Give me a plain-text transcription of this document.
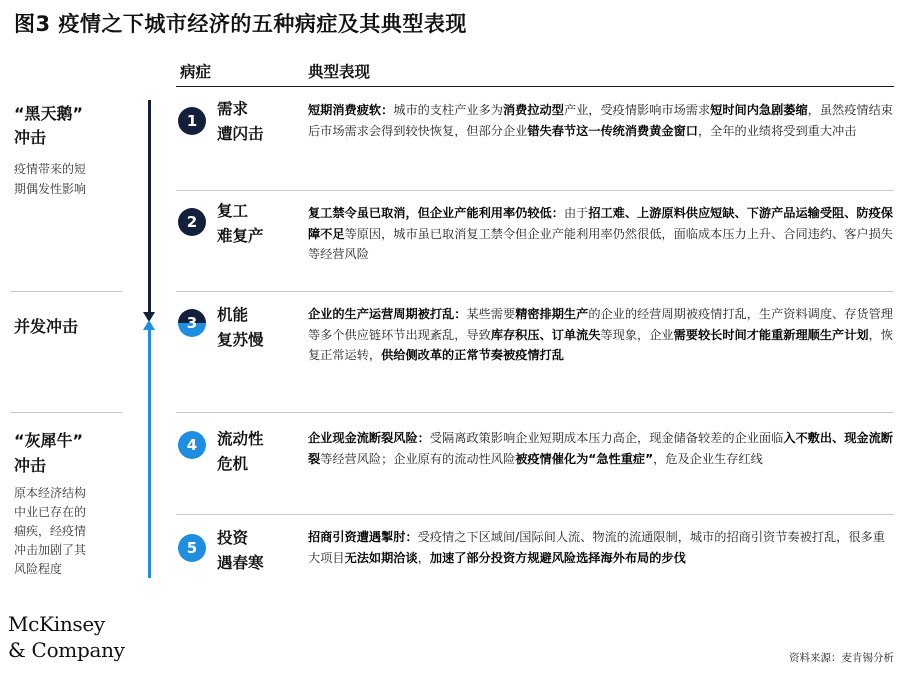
图3 疫情之下城市经济的五种病症及其典型表现
病症	典型表现
“黑天鹅”
冲击
疫情带来的短
期偶发性影响
并发冲击
“灰犀牛”
冲击
原本经济结构
中业已存在的
痼疾，经疫情
冲击加剧了其
风险程度
1
需求
遭闪击
短期消费疲软：城市的支柱产业多为消费拉动型产业，受疫情影响市场需求短时间内急剧萎缩，虽然疫情结束后市场需求会得到较快恢复，但部分企业错失春节这一传统消费黄金窗口，全年的业绩将受到重大冲击
2
复工
难复产
复工禁令虽已取消，但企业产能利用率仍较低：由于招工难、上游原料供应短缺、下游产品运输受阻、防疫保障不足等原因，城市虽已取消复工禁令但企业产能利用率仍然很低，面临成本压力上升、合同违约、客户损失等经营风险
3	机能
复苏慢
企业的生产运营周期被打乱：某些需要精密排期生产的企业的经营周期被疫情打乱，生产资料调度、存货管理等多个供应链环节出现紊乱，导致库存积压、订单流失等现象，企业需要较长时间才能重新理顺生产计划，恢复正常运转，供给侧改革的正常节奏被疫情打乱
4	流动性
危机
企业现金流断裂风险：受隔离政策影响企业短期成本压力高企，现金储备较差的企业面临入不敷出、现金流断裂等经营风险；企业原有的流动性风险被疫情催化为“急性重症”，危及企业生存红线
5
投资
遇春寒
招商引资遭遇掣肘：受疫情之下区域间/国际间人流、物流的流通限制，城市的招商引资节奏被打乱，很多重大项目无法如期洽谈，加速了部分投资方规避风险选择海外布局的步伐
McKinsey
& Company	资料来源：麦肯锡分析
